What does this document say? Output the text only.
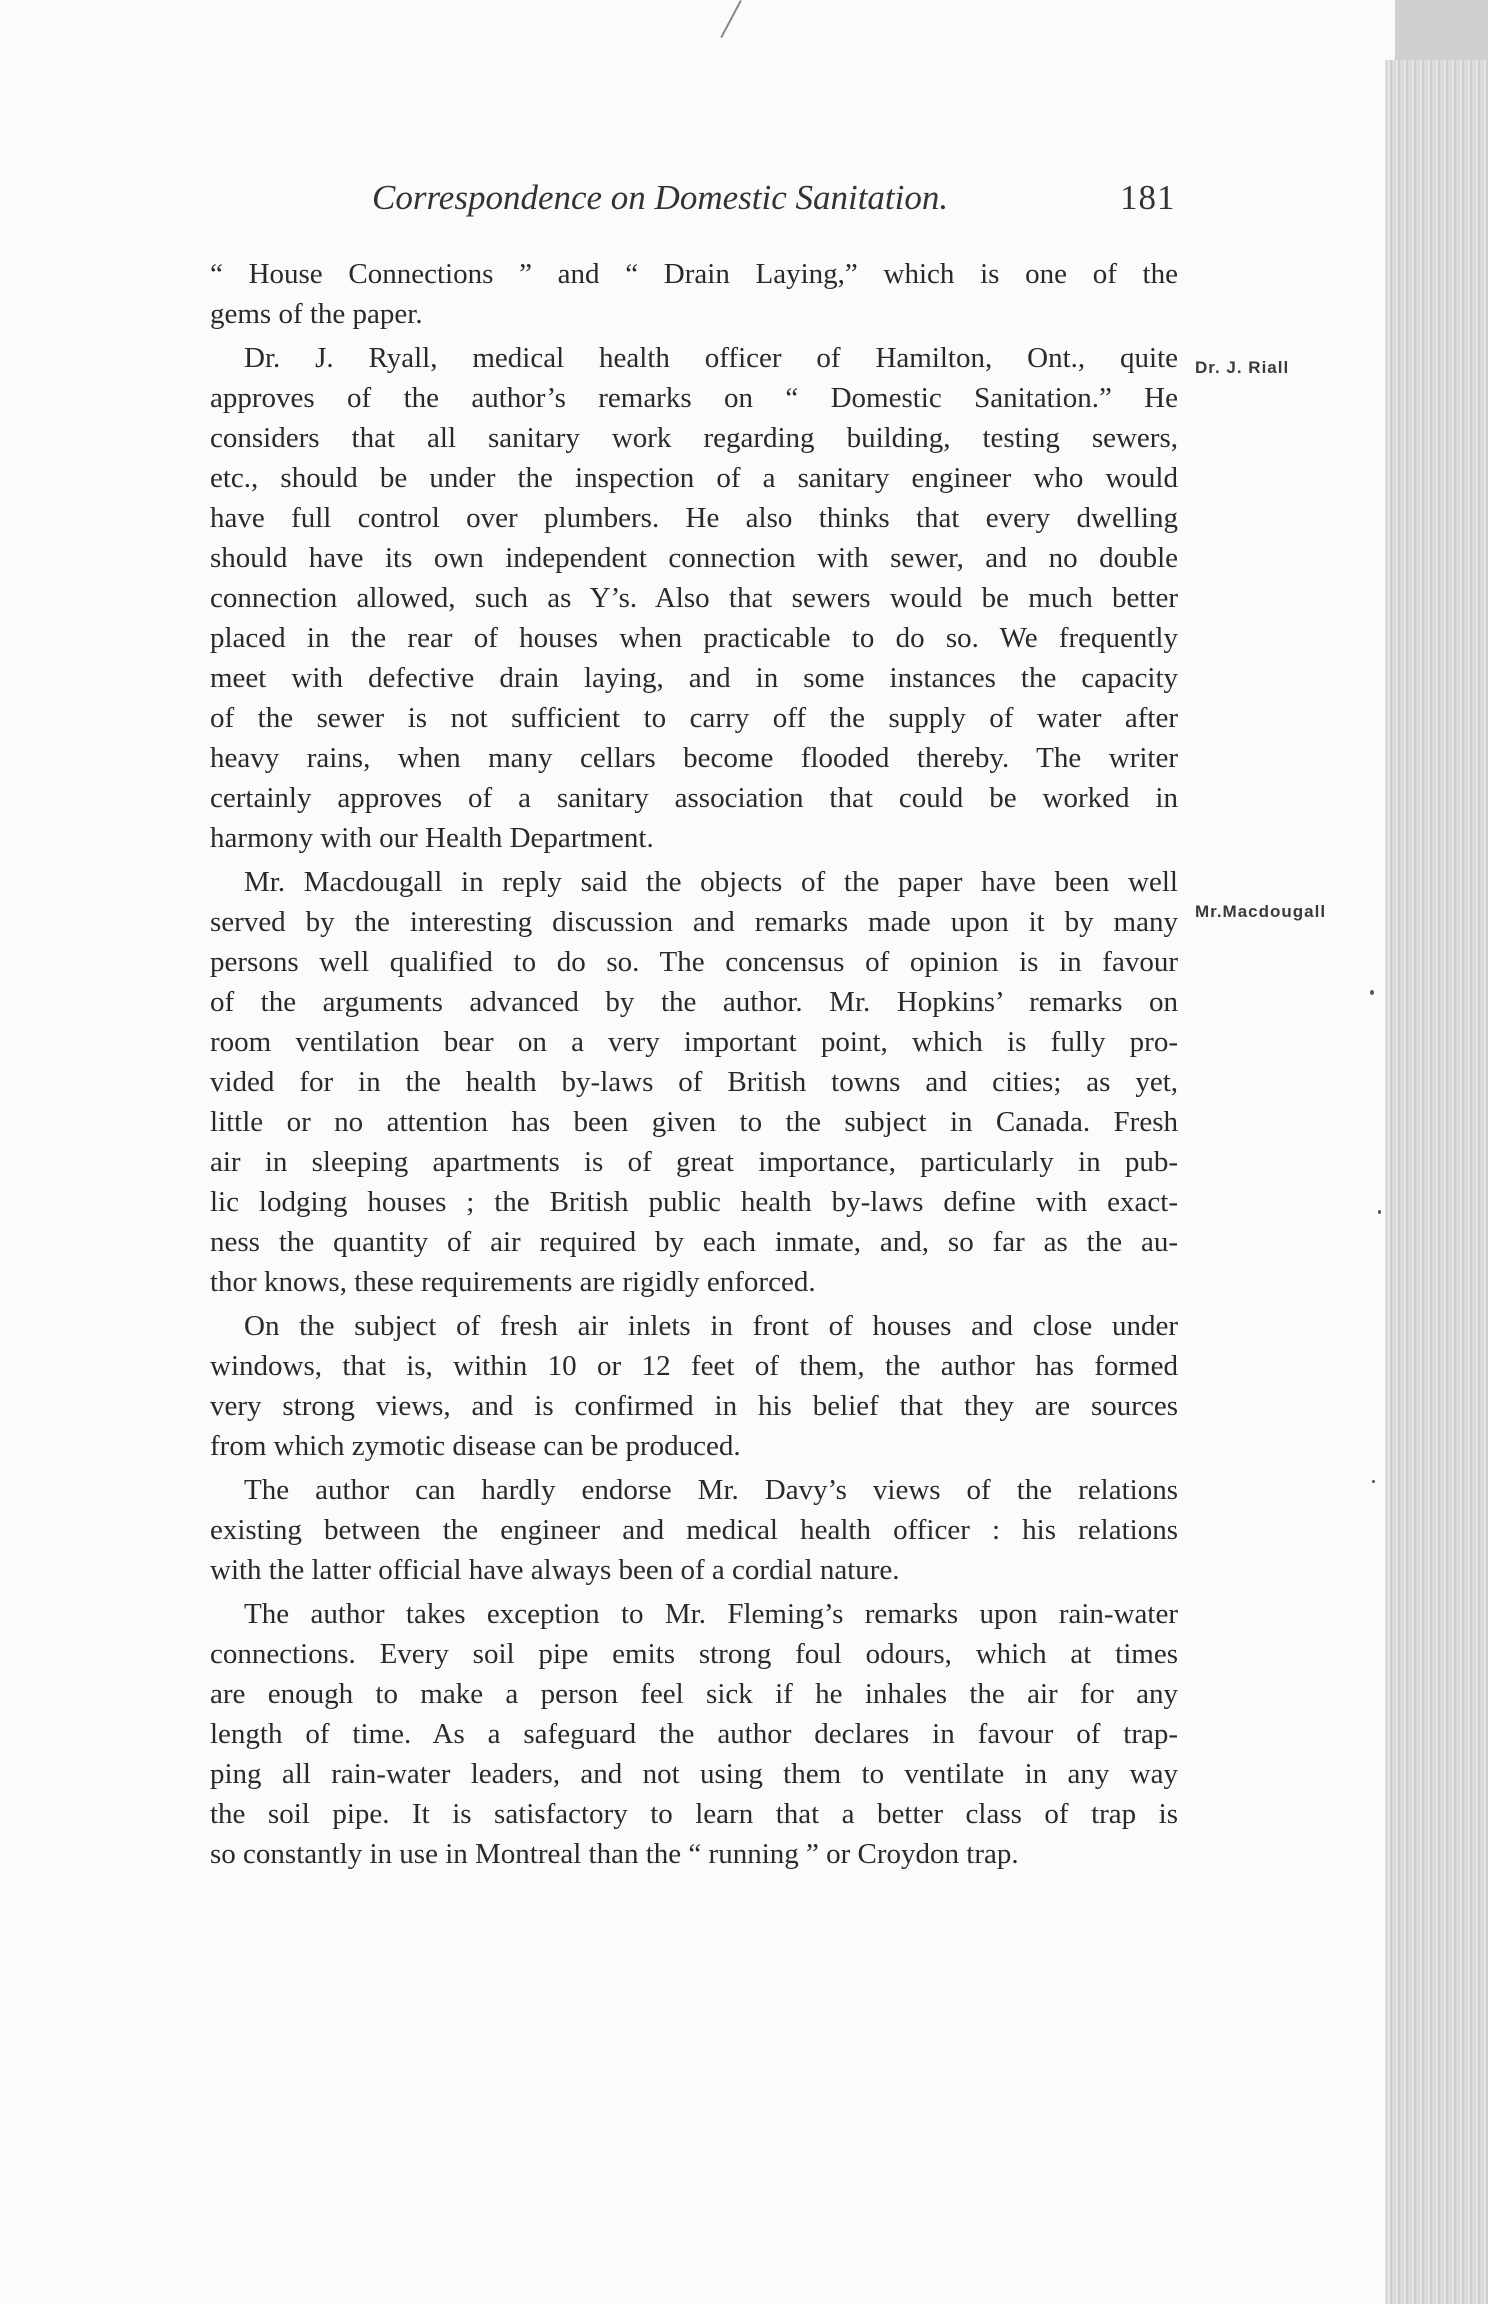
Correspondence on Domestic Sanitation.	181
Dr. J. Riall
Mr.Macdougall
“ House Connections ” and “ Drain Laying,” which is one of the
gems of the paper.
Dr. J. Ryall, medical health officer of Hamilton, Ont., quite
approves of the author’s remarks on “ Domestic Sanitation.” He
considers that all sanitary work regarding building, testing sewers,
etc., should be under the inspection of a sanitary engineer who would
have full control over plumbers. He also thinks that every dwelling
should have its own independent connection with sewer, and no double
connection allowed, such as Y’s. Also that sewers would be much better
placed in the rear of houses when practicable to do so. We frequently
meet with defective drain laying, and in some instances the capacity
of the sewer is not sufficient to carry off the supply of water after
heavy rains, when many cellars become flooded thereby. The writer
certainly approves of a sanitary association that could be worked in
harmony with our Health Department.
Mr. Macdougall in reply said the objects of the paper have been well
served by the interesting discussion and remarks made upon it by many
persons well qualified to do so. The concensus of opinion is in favour
of the arguments advanced by the author. Mr. Hopkins’ remarks on
room ventilation bear on a very important point, which is fully pro-
vided for in the health by-laws of British towns and cities; as yet,
little or no attention has been given to the subject in Canada. Fresh
air in sleeping apartments is of great importance, particularly in pub-
lic lodging houses ; the British public health by-laws define with exact-
ness the quantity of air required by each inmate, and, so far as the au-
thor knows, these requirements are rigidly enforced.
On the subject of fresh air inlets in front of houses and close under
windows, that is, within 10 or 12 feet of them, the author has formed
very strong views, and is confirmed in his belief that they are sources
from which zymotic disease can be produced.
The author can hardly endorse Mr. Davy’s views of the relations
existing between the engineer and medical health officer : his relations
with the latter official have always been of a cordial nature.
The author takes exception to Mr. Fleming’s remarks upon rain-water
connections. Every soil pipe emits strong foul odours, which at times
are enough to make a person feel sick if he inhales the air for any
length of time. As a safeguard the author declares in favour of trap-
ping all rain-water leaders, and not using them to ventilate in any way
the soil pipe. It is satisfactory to learn that a better class of trap is
so constantly in use in Montreal than the “ running ” or Croydon trap.
